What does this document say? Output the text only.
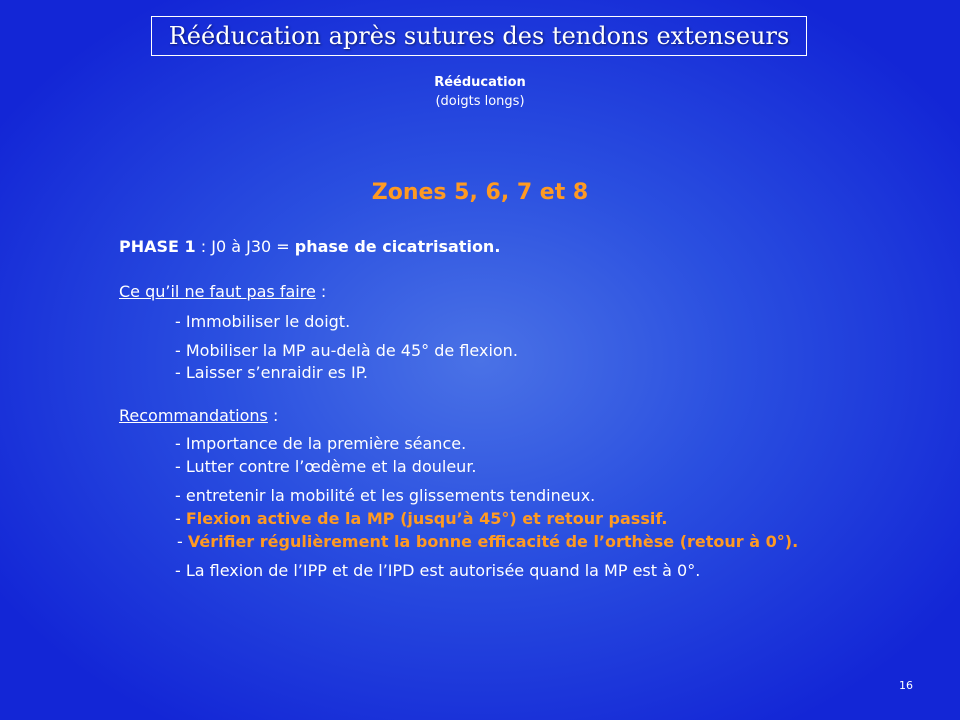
Rééducation après sutures des tendons extenseurs
Rééducation
(doigts longs)
Zones 5, 6, 7 et 8
PHASE 1 : J0 à J30 = phase de cicatrisation.
Ce qu’il ne faut pas faire :
- Immobiliser le doigt.
- Mobiliser la MP au-delà de 45° de flexion.
- Laisser s’enraidir es IP.
Recommandations :
- Importance de la première séance.
- Lutter contre l’œdème et la douleur.
- entretenir la mobilité et les glissements tendineux.
- Flexion active de la MP (jusqu’à 45°) et retour passif.
- Vérifier régulièrement la bonne efficacité de l’orthèse (retour à 0°).
- La flexion de l’IPP et de l’IPD est autorisée quand la MP est à 0°.
16
